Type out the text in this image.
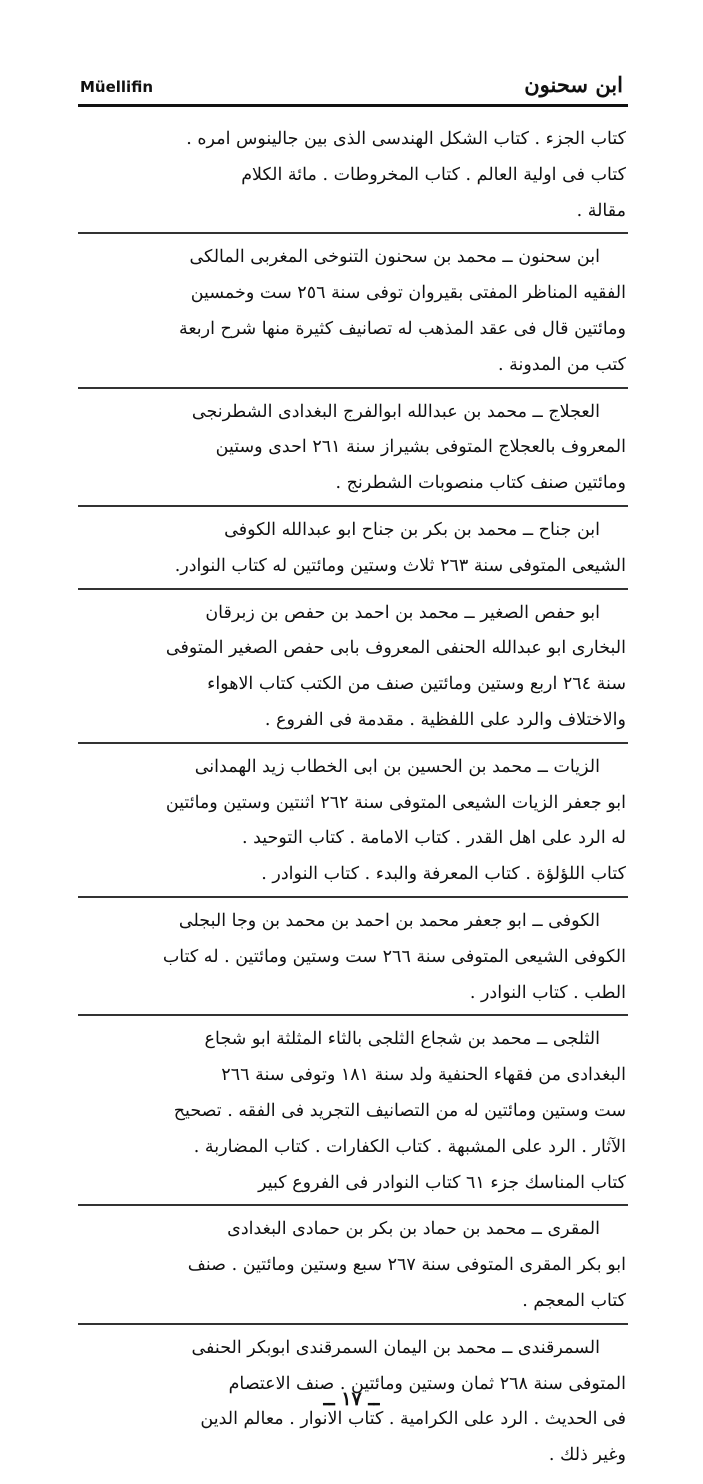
Müellifin	ابن سحنون
كتاب الجزء . كتاب الشكل الهندسى الذى بين جالينوس امره .
كتاب فى اولية العالم . كتاب المخروطات . مائة الكلام
مقالة .
ابن سحنون ــ محمد بن سحنون التنوخى المغربى المالكى
الفقيه المناظر المفتى بقيروان توفى سنة ٢٥٦ ست وخمسين
ومائتين قال فى عقد المذهب له تصانيف كثيرة منها شرح اربعة
كتب من المدونة .
العجلاج ــ محمد بن عبدالله ابوالفرج البغدادى الشطرنجى
المعروف بالعجلاج المتوفى بشيراز سنة ٢٦١ احدى وستين
ومائتين صنف كتاب منصوبات الشطرنج .
ابن جناح ــ محمد بن بكر بن جناح ابو عبدالله الكوفى
الشيعى المتوفى سنة ٢٦٣ ثلاث وستين ومائتين له كتاب النوادر.
ابو حفص الصغير ــ محمد بن احمد بن حفص بن زبرقان
البخارى ابو عبدالله الحنفى المعروف بابى حفص الصغير المتوفى
سنة ٢٦٤ اربع وستين ومائتين صنف من الكتب كتاب الاهواء
والاختلاف والرد على اللفظية . مقدمة فى الفروع .
الزيات ــ محمد بن الحسين بن ابى الخطاب زيد الهمدانى
ابو جعفر الزيات الشيعى المتوفى سنة ٢٦٢ اثنتين وستين ومائتين
له الرد على اهل القدر . كتاب الامامة . كتاب التوحيد .
كتاب اللؤلؤة . كتاب المعرفة والبدء . كتاب النوادر .
الكوفى ــ ابو جعفر محمد بن احمد بن محمد بن وجا البجلى
الكوفى الشيعى المتوفى سنة ٢٦٦ ست وستين ومائتين . له كتاب
الطب . كتاب النوادر .
الثلجى ــ محمد بن شجاع الثلجى بالثاء المثلثة ابو شجاع
البغدادى من فقهاء الحنفية ولد سنة ١٨١ وتوفى سنة ٢٦٦
ست وستين ومائتين له من التصانيف التجريد فى الفقه . تصحيح
الآثار . الرد على المشبهة . كتاب الكفارات . كتاب المضاربة .
كتاب المناسك جزء ٦١ كتاب النوادر فى الفروع كبير
المقرى ــ محمد بن حماد بن بكر بن حمادى البغدادى
ابو بكر المقرى المتوفى سنة ٢٦٧ سبع وستين ومائتين . صنف
كتاب المعجم .
السمرقندى ــ محمد بن اليمان السمرقندى ابوبكر الحنفى
المتوفى سنة ٢٦٨ ثمان وستين ومائتين . صنف الاعتصام
فى الحديث . الرد على الكرامية . كتاب الانوار . معالم الدين
وغير ذلك .
ــ ١٧ ــ
